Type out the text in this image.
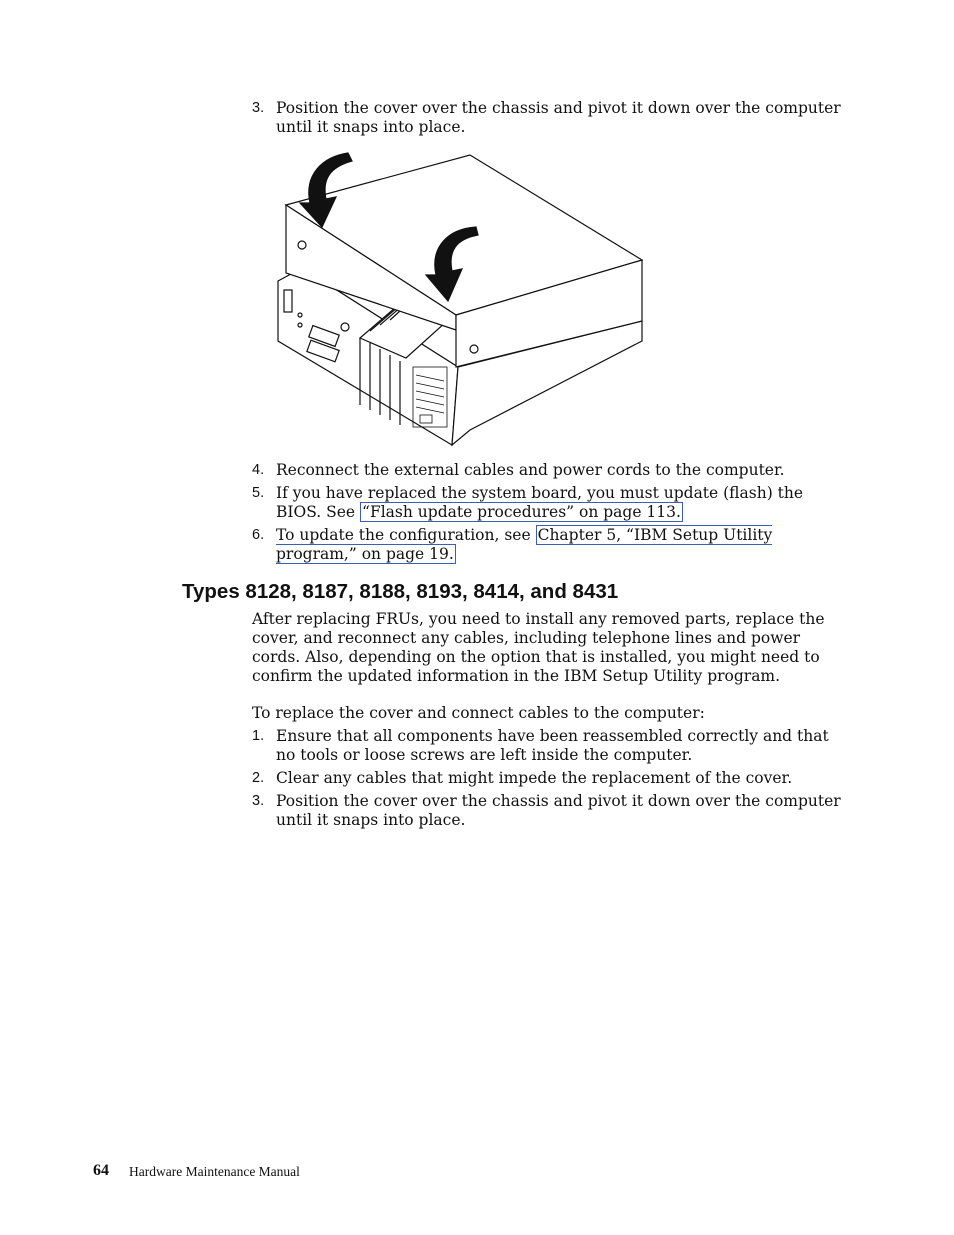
3. Position the cover over the chassis and pivot it down over the computer until it snaps into place.
4. Reconnect the external cables and power cords to the computer.
5. If you have replaced the system board, you must update (flash) the BIOS. See “Flash update procedures” on page 113.
6. To update the configuration, see Chapter 5, “IBM Setup Utility program,” on page 19.
Types 8128, 8187, 8188, 8193, 8414, and 8431
After replacing FRUs, you need to install any removed parts, replace the cover, and reconnect any cables, including telephone lines and power cords. Also, depending on the option that is installed, you might need to confirm the updated information in the IBM Setup Utility program.
To replace the cover and connect cables to the computer:
1. Ensure that all components have been reassembled correctly and that no tools or loose screws are left inside the computer.
2. Clear any cables that might impede the replacement of the cover.
3. Position the cover over the chassis and pivot it down over the computer until it snaps into place.
64 Hardware Maintenance Manual
